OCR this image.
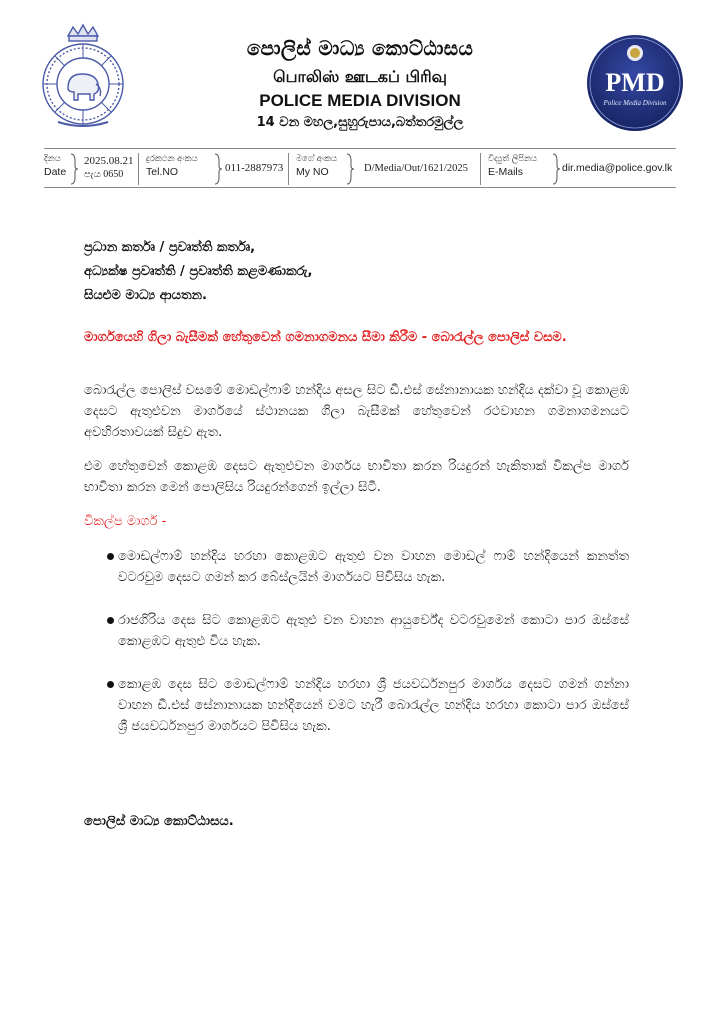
පොලිස් මාධ්‍ය කොට්ඨාසය
பொலிஸ் ஊடகப் பிரிவு
POLICE MEDIA DIVISION
14 වන මහල,සුහුරුපාය,බත්තරමුල්ල
PMD
Police Media Division
දිනය
Date
2025.08.21
පැය 0650
දුරකථන අංකය
Tel.NO	011-2887973
මගේ අංකය
My NO	D/Media/Out/1621/2025
විද්‍යුත් ලිපිනය
E-Mails	dir.media@police.gov.lk
ප්‍රධාන කර්තෘ / ප්‍රවෘත්ති කර්තෘ,
අධ්‍යක්ෂ ප්‍රවෘත්ති / ප්‍රවෘත්ති කළමණාකරු,
සියළුම මාධ්‍ය ආයතන.
මාර්ගයෙහි ගිලා බැසීමක් හේතුවෙන් ගමනාගමනය සීමා කිරීම - බොරැල්ල පොලිස් වසම.
බොරැල්ල පොලිස් වසමේ මොඩල්ෆාම් හන්දිය අසල සිට ඩී.එස් සේනානායක හන්දිය දක්වා වූ කොළඹ දෙසට ඇතුළුවන මාර්ගයේ ස්ථානයක ගිලා බැසීමක් හේතුවෙන් රථවාහන ගමනාගමනයට අවහිරතාවයක් සිදුව ඇත.
එම හේතුවෙන් කොළඹ දෙසට ඇතුළුවන මාර්ගය භාවිතා කරන රියදුරන් හැකිතාක් විකල්ප මාර්ග භාවිතා කරන මෙන් පොලිසිය රියදුරන්ගෙන් ඉල්ලා සිටී.
විකල්ප මාර්ග -
මොඩල්ෆාම් හන්දිය හරහා කොළඹට ඇතුළු වන වාහන මොඩල් ෆාම් හන්දියෙන් කනත්ත වටරවුම දෙසට ගමන් කර බේස්ලයින් මාර්ගයට පිවිසිය හැක.
රාජගිරිය දෙස සිට කොළඹට ඇතුළු වන වාහන ආයුර්වේද වටරවුමෙන් කොටා පාර ඔස්සේ කොළඹට ඇතුළු විය හැක.
කොළඹ දෙස සිට මොඩල්ෆාම් හන්දිය හරහා ශ්‍රී ජයවර්ධනපුර මාර්ගය දෙසට ගමන් ගන්නා වාහන ඩී.එස් සේනානායක හන්දියෙන් වමට හැරී බොරැල්ල හන්දිය හරහා කොටා පාර ඔස්සේ ශ්‍රී ජයවර්ධනපුර මාර්ගයට පිවිසිය හැක.
පොලිස් මාධ්‍ය කොට්ඨාසය.
